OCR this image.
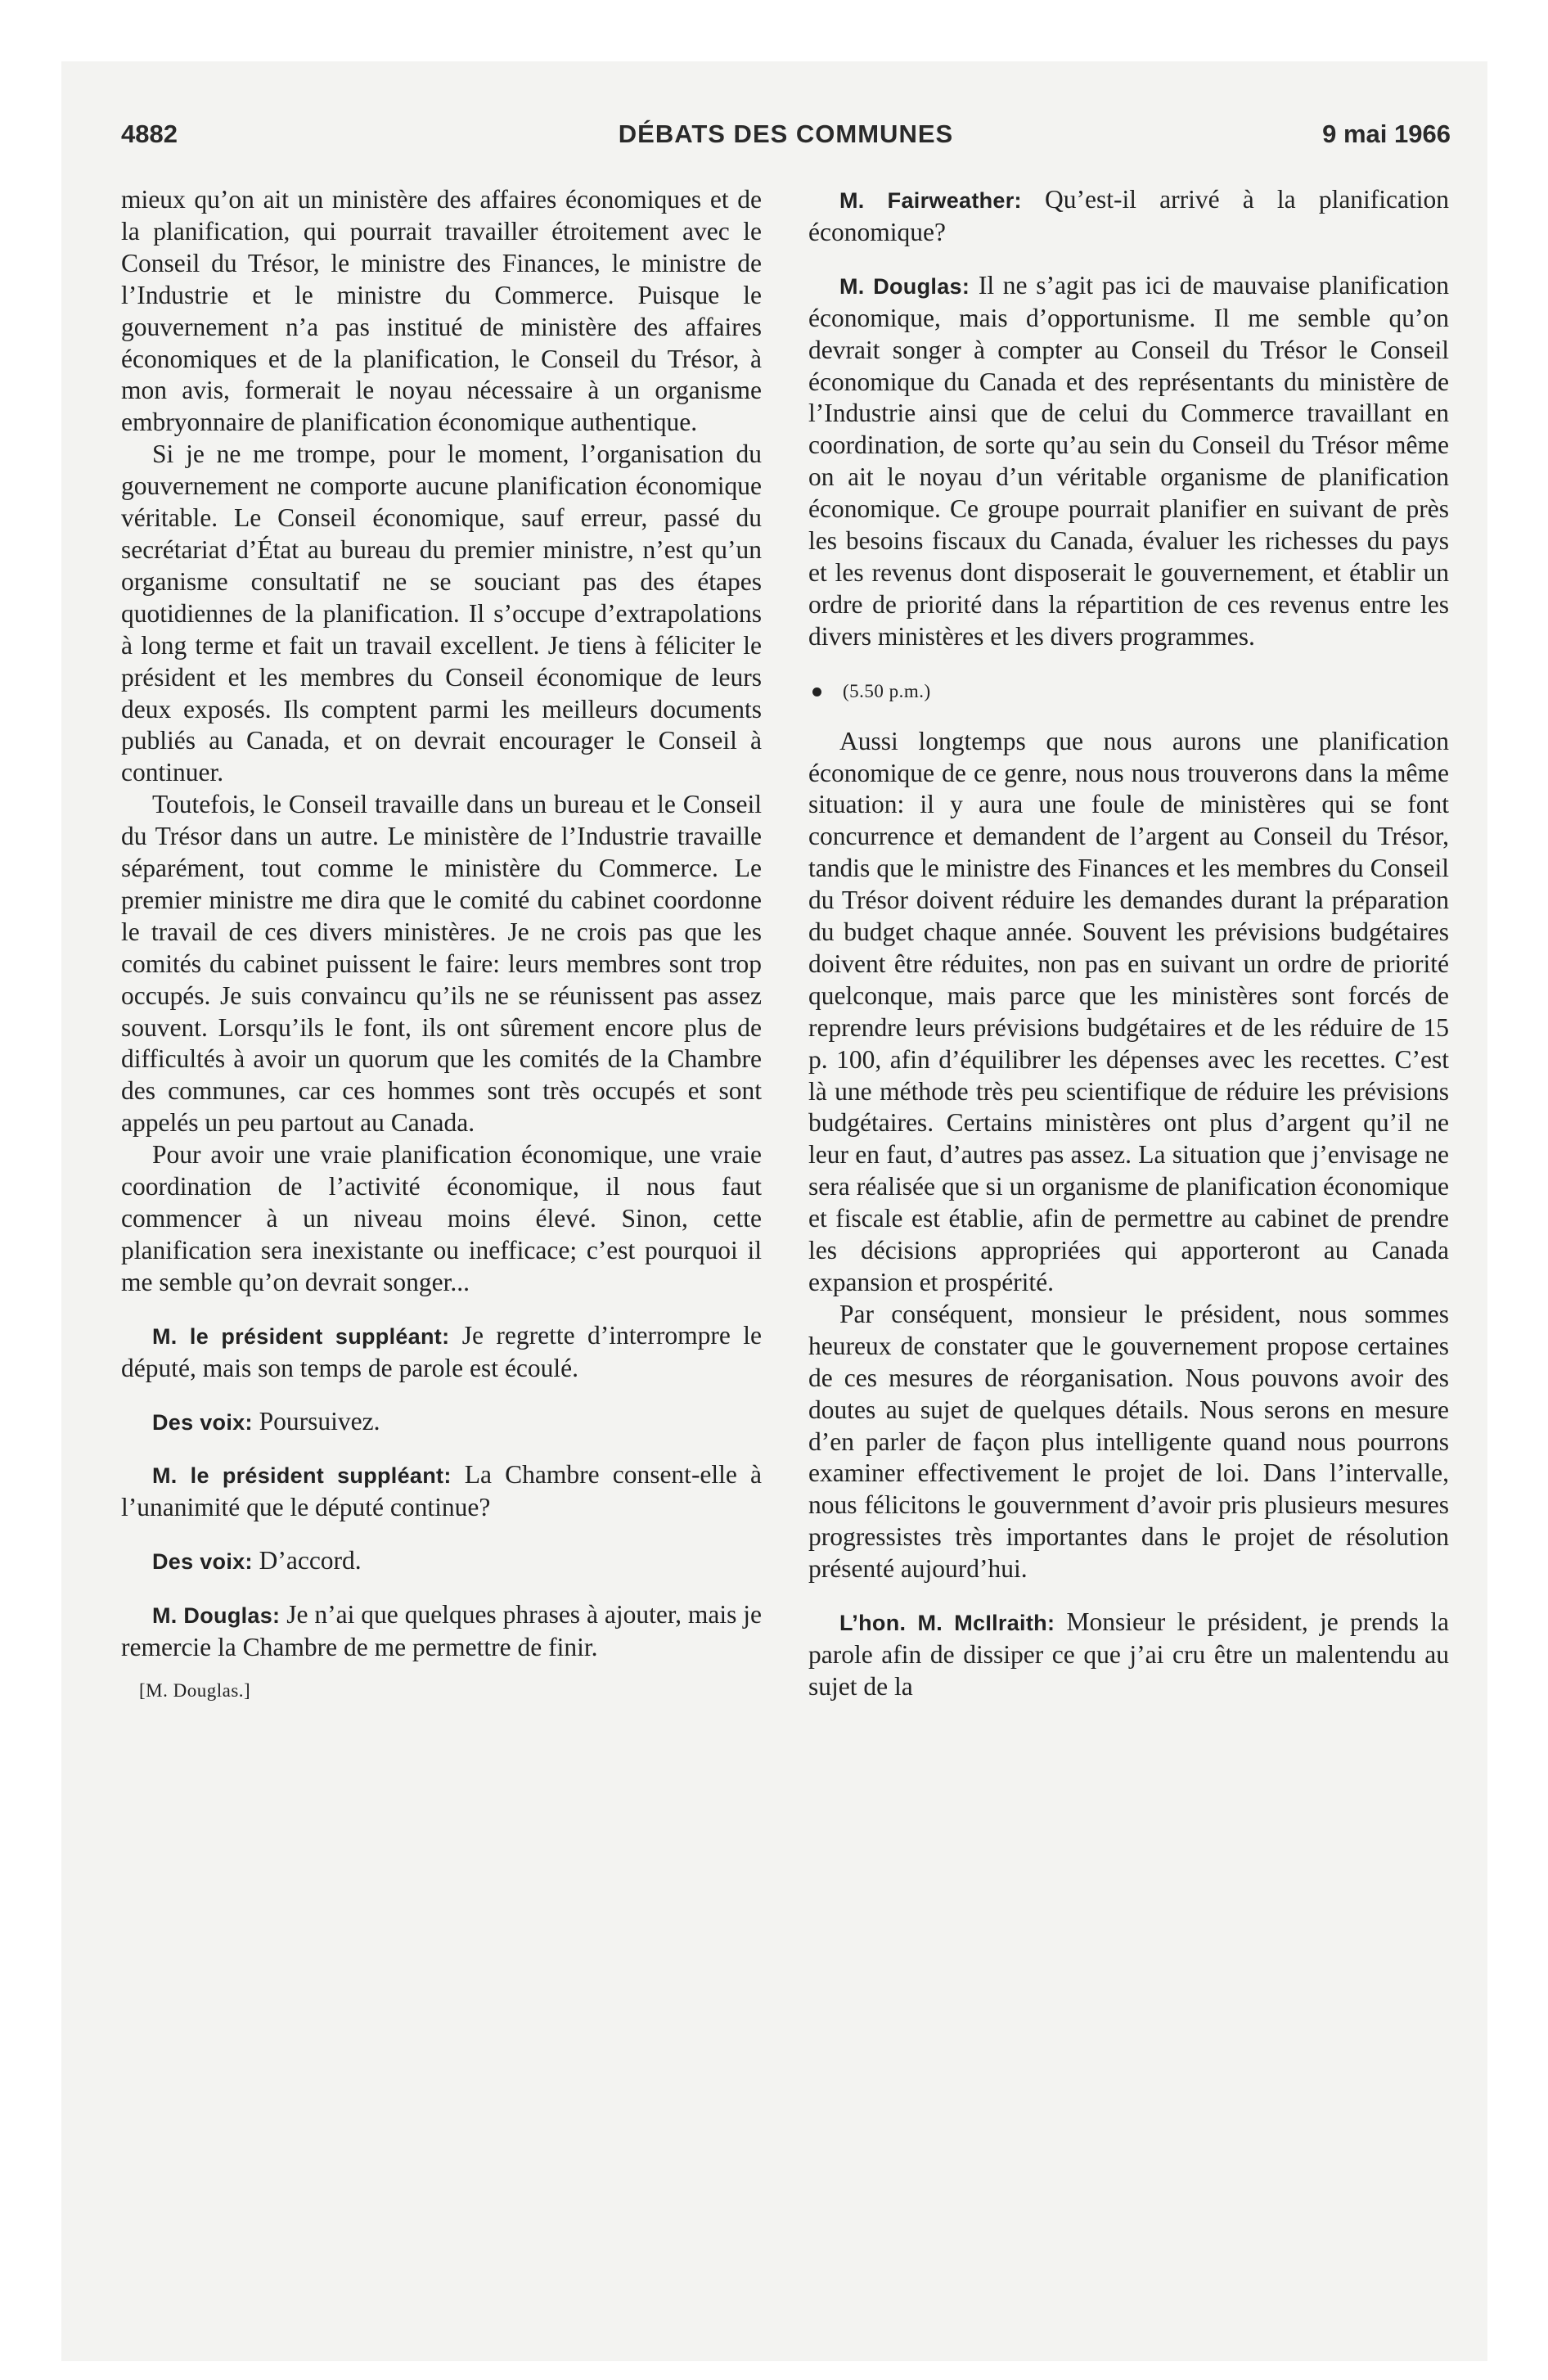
4882	DÉBATS DES COMMUNES	9 mai 1966

mieux qu’on ait un ministère des affaires économiques et de la planification, qui pourrait travailler étroitement avec le Conseil du Trésor, le ministre des Finances, le ministre de l’Industrie et le ministre du Commerce. Puisque le gouvernement n’a pas institué de ministère des affaires économiques et de la planification, le Conseil du Trésor, à mon avis, formerait le noyau nécessaire à un organisme embryonnaire de planification économique authentique.

Si je ne me trompe, pour le moment, l’organisation du gouvernement ne comporte aucune planification économique véritable. Le Conseil économique, sauf erreur, passé du secrétariat d’État au bureau du premier ministre, n’est qu’un organisme consultatif ne se souciant pas des étapes quotidiennes de la planification. Il s’occupe d’extrapolations à long terme et fait un travail excellent. Je tiens à féliciter le président et les membres du Conseil économique de leurs deux exposés. Ils comptent parmi les meilleurs documents publiés au Canada, et on devrait encourager le Conseil à continuer.

Toutefois, le Conseil travaille dans un bureau et le Conseil du Trésor dans un autre. Le ministère de l’Industrie travaille séparément, tout comme le ministère du Commerce. Le premier ministre me dira que le comité du cabinet coordonne le travail de ces divers ministères. Je ne crois pas que les comités du cabinet puissent le faire: leurs membres sont trop occupés. Je suis convaincu qu’ils ne se réunissent pas assez souvent. Lorsqu’ils le font, ils ont sûrement encore plus de difficultés à avoir un quorum que les comités de la Chambre des communes, car ces hommes sont très occupés et sont appelés un peu partout au Canada.

Pour avoir une vraie planification économique, une vraie coordination de l’activité économique, il nous faut commencer à un niveau moins élevé. Sinon, cette planification sera inexistante ou inefficace; c’est pourquoi il me semble qu’on devrait songer...

M. le président suppléant: Je regrette d’interrompre le député, mais son temps de parole est écoulé.

Des voix: Poursuivez.

M. le président suppléant: La Chambre consent-elle à l’unanimité que le député continue?

Des voix: D’accord.

M. Douglas: Je n’ai que quelques phrases à ajouter, mais je remercie la Chambre de me permettre de finir.

[M. Douglas.]

M. Fairweather: Qu’est-il arrivé à la planification économique?

M. Douglas: Il ne s’agit pas ici de mauvaise planification économique, mais d’opportunisme. Il me semble qu’on devrait songer à compter au Conseil du Trésor le Conseil économique du Canada et des représentants du ministère de l’Industrie ainsi que de celui du Commerce travaillant en coordination, de sorte qu’au sein du Conseil du Trésor même on ait le noyau d’un véritable organisme de planification économique. Ce groupe pourrait planifier en suivant de près les besoins fiscaux du Canada, évaluer les richesses du pays et les revenus dont disposerait le gouvernement, et établir un ordre de priorité dans la répartition de ces revenus entre les divers ministères et les divers programmes.

(5.50 p.m.)

Aussi longtemps que nous aurons une planification économique de ce genre, nous nous trouverons dans la même situation: il y aura une foule de ministères qui se font concurrence et demandent de l’argent au Conseil du Trésor, tandis que le ministre des Finances et les membres du Conseil du Trésor doivent réduire les demandes durant la préparation du budget chaque année. Souvent les prévisions budgétaires doivent être réduites, non pas en suivant un ordre de priorité quelconque, mais parce que les ministères sont forcés de reprendre leurs prévisions budgétaires et de les réduire de 15 p. 100, afin d’équilibrer les dépenses avec les recettes. C’est là une méthode très peu scientifique de réduire les prévisions budgétaires. Certains ministères ont plus d’argent qu’il ne leur en faut, d’autres pas assez. La situation que j’envisage ne sera réalisée que si un organisme de planification économique et fiscale est établie, afin de permettre au cabinet de prendre les décisions appropriées qui apporteront au Canada expansion et prospérité.

Par conséquent, monsieur le président, nous sommes heureux de constater que le gouvernement propose certaines de ces mesures de réorganisation. Nous pouvons avoir des doutes au sujet de quelques détails. Nous serons en mesure d’en parler de façon plus intelligente quand nous pourrons examiner effectivement le projet de loi. Dans l’intervalle, nous félicitons le gouvernment d’avoir pris plusieurs mesures progressistes très importantes dans le projet de résolution présenté aujourd’hui.

L’hon. M. McIlraith: Monsieur le président, je prends la parole afin de dissiper ce que j’ai cru être un malentendu au sujet de la
